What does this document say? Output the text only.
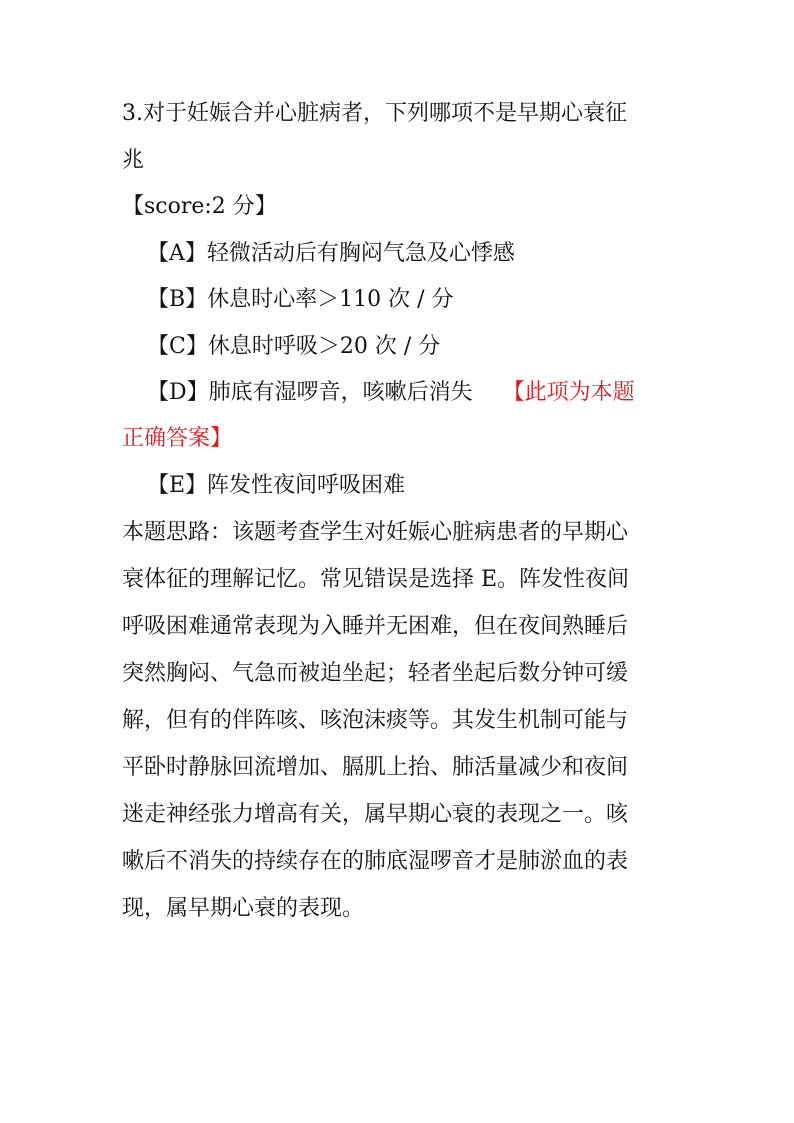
3.对于妊娠合并心脏病者，下列哪项不是早期心衰征
兆
【score:2 分】
【A】轻微活动后有胸闷气急及心悸感
【B】休息时心率＞110 次 / 分
【C】休息时呼吸＞20 次 / 分
【D】肺底有湿啰音，咳嗽后消失 【此项为本题
正确答案】
【E】阵发性夜间呼吸困难
本题思路：该题考查学生对妊娠心脏病患者的早期心
衰体征的理解记忆。常见错误是选择 E。阵发性夜间
呼吸困难通常表现为入睡并无困难，但在夜间熟睡后
突然胸闷、气急而被迫坐起；轻者坐起后数分钟可缓
解，但有的伴阵咳、咳泡沫痰等。其发生机制可能与
平卧时静脉回流增加、膈肌上抬、肺活量减少和夜间
迷走神经张力增高有关，属早期心衰的表现之一。咳
嗽后不消失的持续存在的肺底湿啰音才是肺淤血的表
现，属早期心衰的表现。
